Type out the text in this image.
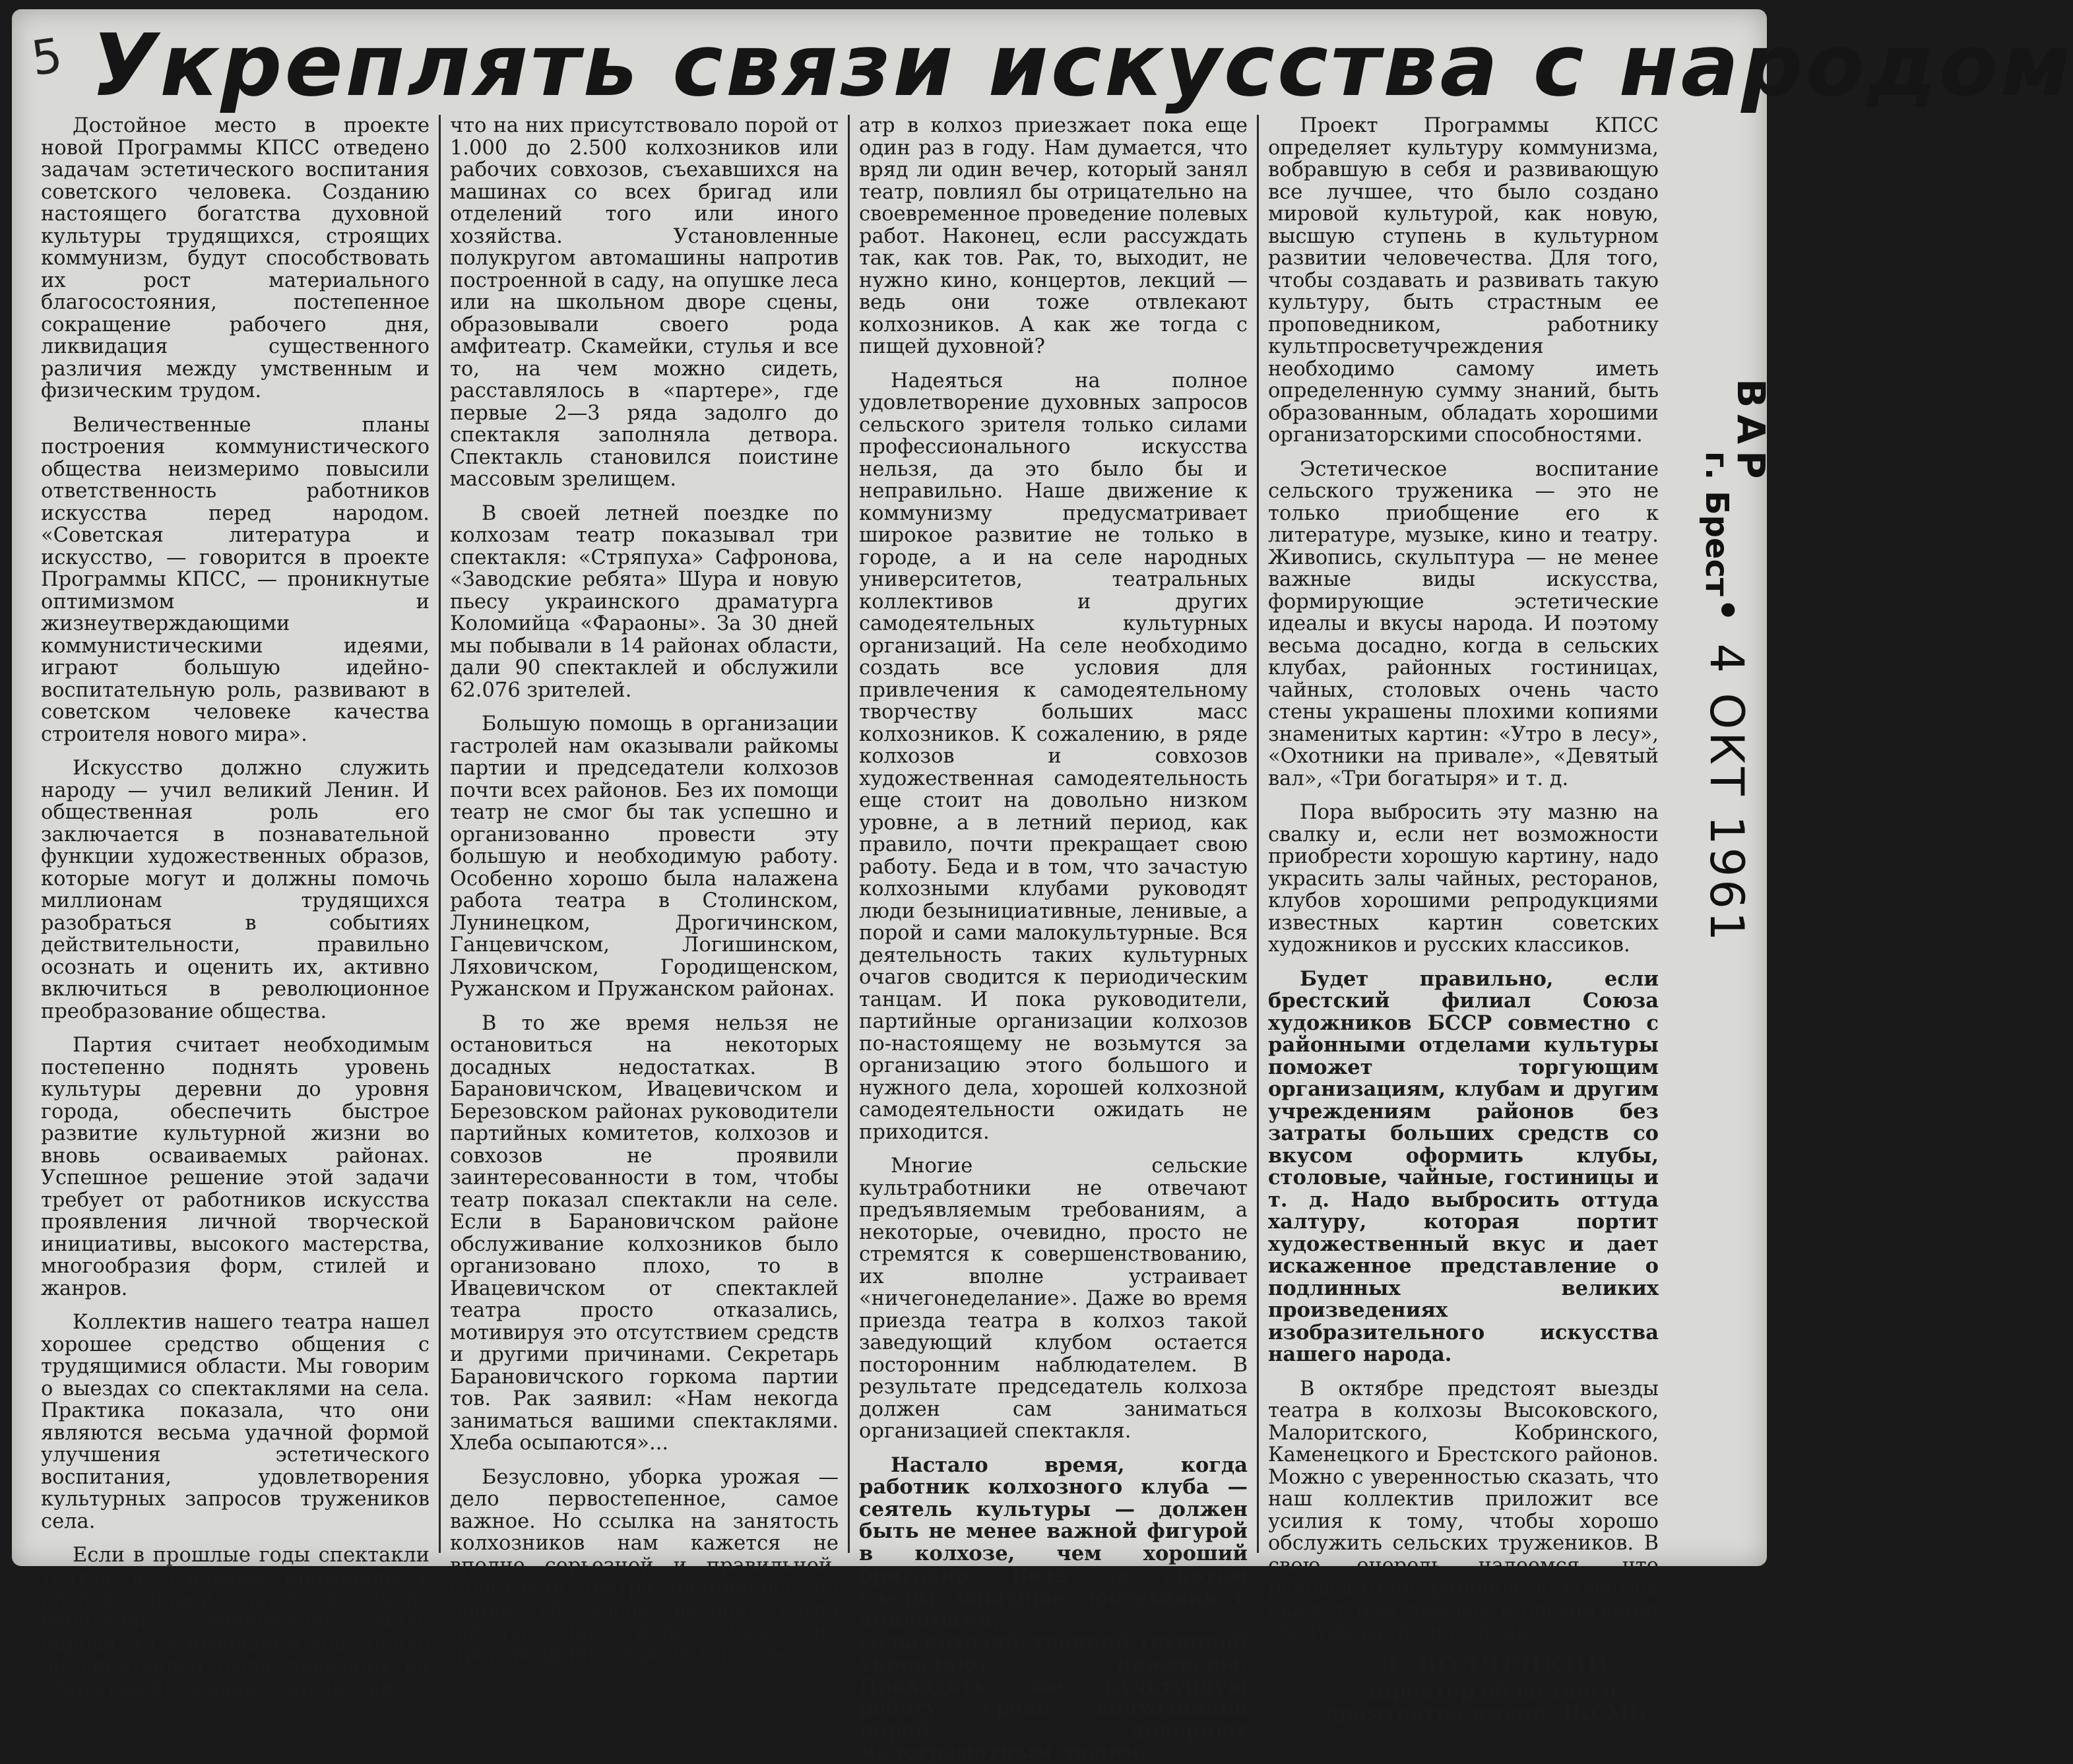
5 Укреплять связи искусства с народом

Достойное место в проекте новой Программы КПСС отведено задачам эстетического воспитания советского человека. Созданию настоящего богатства духовной культуры трудящихся, строящих коммунизм, будут способствовать их рост материального благосостояния, постепенное сокращение рабочего дня, ликвидация существенного различия между умственным и физическим трудом.

Величественные планы построения коммунистического общества неизмеримо повысили ответственность работников искусства перед народом. «Советская литература и искусство, — говорится в проекте Программы КПСС, — проникнутые оптимизмом и жизнеутверждающими коммунистическими идеями, играют большую идейно-воспитательную роль, развивают в советском человеке качества строителя нового мира».

Искусство должно служить народу — учил великий Ленин. И общественная роль его заключается в познавательной функции художественных образов, которые могут и должны помочь миллионам трудящихся разобраться в событиях действительности, правильно осознать и оценить их, активно включиться в революционное преобразование общества.

Партия считает необходимым постепенно поднять уровень культуры деревни до уровня города, обеспечить быстрое развитие культурной жизни во вновь осваиваемых районах. Успешное решение этой задачи требует от работников искусства проявления личной творческой инициативы, высокого мастерства, многообразия форм, стилей и жанров.

Коллектив нашего театра нашел хорошее средство общения с трудящимися области. Мы говорим о выездах со спектаклями на села. Практика показала, что они являются весьма удачной формой улучшения эстетического воспитания, удовлетворения культурных запросов тружеников села.

Если в прошлые годы спектакли театра в основном проходили в клубах, порой даже в очень небольших, вмещающих мало народа, то в нынешнем году около 30 спектаклей были показаны на открытых площадках. Характерно,

что на них присутствовало порой от 1.000 до 2.500 колхозников или рабочих совхозов, съехавшихся на машинах со всех бригад или отделений того или иного хозяйства. Установленные полукругом автомашины напротив построенной в саду, на опушке леса или на школьном дворе сцены, образовывали своего рода амфитеатр. Скамейки, стулья и все то, на чем можно сидеть, расставлялось в «партере», где первые 2—3 ряда задолго до спектакля заполняла детвора. Спектакль становился поистине массовым зрелищем.

В своей летней поездке по колхозам театр показывал три спектакля: «Стряпуха» Сафронова, «Заводские ребята» Шура и новую пьесу украинского драматурга Коломийца «Фараоны». За 30 дней мы побывали в 14 районах области, дали 90 спектаклей и обслужили 62.076 зрителей.

Большую помощь в организации гастролей нам оказывали райкомы партии и председатели колхозов почти всех районов. Без их помощи театр не смог бы так успешно и организованно провести эту большую и необходимую работу. Особенно хорошо была налажена работа театра в Столинском, Лунинецком, Дрогичинском, Ганцевичском, Логишинском, Ляховичском, Городищенском, Ружанском и Пружанском районах.

В то же время нельзя не остановиться на некоторых досадных недостатках. В Барановичском, Ивацевичском и Березовском районах руководители партийных комитетов, колхозов и совхозов не проявили заинтересованности в том, чтобы театр показал спектакли на селе. Если в Барановичском районе обслуживание колхозников было организовано плохо, то в Ивацевичском от спектаклей театра просто отказались, мотивируя это отсутствием средств и другими причинами. Секретарь Барановичского горкома партии тов. Рак заявил: «Нам некогда заниматься вашими спектаклями. Хлеба осыпаются»...

Безусловно, уборка урожая — дело первостепенное, самое важное. Но ссылка на занятость колхозников нам кажется не вполне серьезной и правильной. Спектакли театра начинались не ранее 10 часов вечера, когда работы на поле уже не производились. Кроме того, те-

атр в колхоз приезжает пока еще один раз в году. Нам думается, что вряд ли один вечер, который занял театр, повлиял бы отрицательно на своевременное проведение полевых работ. Наконец, если рассуждать так, как тов. Рак, то, выходит, не нужно кино, концертов, лекций — ведь они тоже отвлекают колхозников. А как же тогда с пищей духовной?

Надеяться на полное удовлетворение духовных запросов сельского зрителя только силами профессионального искусства нельзя, да это было бы и неправильно. Наше движение к коммунизму предусматривает широкое развитие не только в городе, а и на селе народных университетов, театральных коллективов и других самодеятельных культурных организаций. На селе необходимо создать все условия для привлечения к самодеятельному творчеству больших масс колхозников. К сожалению, в ряде колхозов и совхозов художественная самодеятельность еще стоит на довольно низком уровне, а в летний период, как правило, почти прекращает свою работу. Беда и в том, что зачастую колхозными клубами руководят люди безынициативные, ленивые, а порой и сами малокультурные. Вся деятельность таких культурных очагов сводится к периодическим танцам. И пока руководители, партийные организации колхозов по-настоящему не возьмутся за организацию этого большого и нужного дела, хорошей колхозной самодеятельности ожидать не приходится.

Многие сельские культработники не отвечают предъявляемым требованиям, а некоторые, очевидно, просто не стремятся к совершенствованию, их вполне устраивает «ничегонеделание». Даже во время приезда театра в колхоз такой заведующий клубом остается посторонним наблюдателем. В результате председатель колхоза должен сам заниматься организацией спектакля.

Настало время, когда работник колхозного клуба — сеятель культуры — должен быть не менее важной фигурой в колхозе, чем хороший бригадир. Ведь за скотом следят опытные зоотехники с дипломами, сельскохозяйственной техникой управляют инженеры. Проводить же культурную работу среди колхозников порой доверяют малограмотным людям.

Проект Программы КПСС определяет культуру коммунизма, вобравшую в себя и развивающую все лучшее, что было создано мировой культурой, как новую, высшую ступень в культурном развитии человечества. Для того, чтобы создавать и развивать такую культуру, быть страстным ее проповедником, работнику культпросветучреждения необходимо самому иметь определенную сумму знаний, быть образованным, обладать хорошими организаторскими способностями.

Эстетическое воспитание сельского труженика — это не только приобщение его к литературе, музыке, кино и театру. Живопись, скульптура — не менее важные виды искусства, формирующие эстетические идеалы и вкусы народа. И поэтому весьма досадно, когда в сельских клубах, районных гостиницах, чайных, столовых очень часто стены украшены плохими копиями знаменитых картин: «Утро в лесу», «Охотники на привале», «Девятый вал», «Три богатыря» и т. д.

Пора выбросить эту мазню на свалку и, если нет возможности приобрести хорошую картину, надо украсить залы чайных, ресторанов, клубов хорошими репродукциями известных картин советских художников и русских классиков.

Будет правильно, если брестский филиал Союза художников БССР совместно с районными отделами культуры поможет торгующим организациям, клубам и другим учреждениям районов без затраты больших средств со вкусом оформить клубы, столовые, чайные, гостиницы и т. д. Надо выбросить оттуда халтуру, которая портит художественный вкус и дает искаженное представление о подлинных великих произведениях изобразительного искусства нашего народа.

В октябре предстоят выезды театра в колхозы Высоковского, Малоритского, Кобринского, Каменецкого и Брестского районов. Можно с уверенностью сказать, что наш коллектив приложит все усилия к тому, чтобы хорошо обслужить сельских тружеников. В свою очередь надеемся, что руководители районов и колхозов окажут нам помощь в организации обслуживания населения.

Л. ВОЛЧЕЦКИЙ,
директор областного драмтеатра имени ЛКСМБ.
ВАР
г. Брест
• 4 ОКТ 1961
